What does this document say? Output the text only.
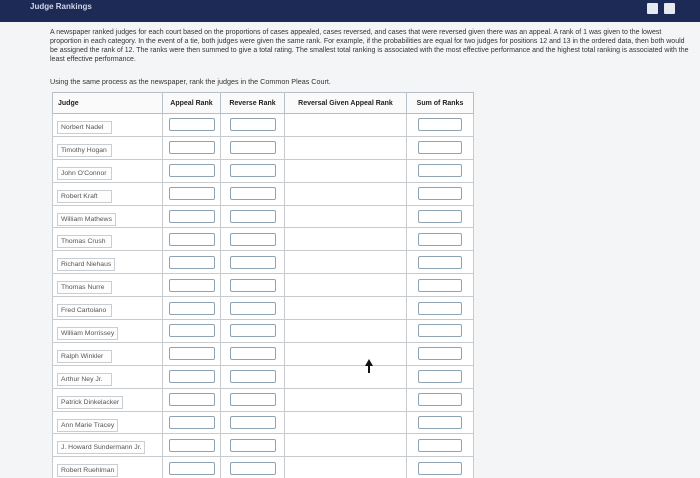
Judge Rankings

A newspaper ranked judges for each court based on the proportions of cases appealed, cases reversed, and cases that were reversed given there was an appeal. A rank of 1 was given to the lowest proportion in each category. In the event of a tie, both judges were given the same rank. For example, if the probabilities are equal for two judges for positions 12 and 13 in the ordered data, then both would be assigned the rank of 12. The ranks were then summed to give a total rating. The smallest total ranking is associated with the most effective performance and the highest total ranking is associated with the least effective performance.

Using the same process as the newspaper, rank the judges in the Common Pleas Court.

Judge	Appeal Rank	Reverse Rank	Reversal Given Appeal Rank	Sum of Ranks
Norbert Nadel	

Timothy Hogan	

John O'Connor	

Robert Kraft	

William Mathews	

Thomas Crush	

Richard Niehaus	

Thomas Nurre	

Fred Cartolano	

William Morrissey	

Ralph Winkler	

Arthur Ney Jr.	

Patrick Dinkelacker	

Ann Marie Tracey	

J. Howard Sundermann Jr.	

Robert Ruehlman	
